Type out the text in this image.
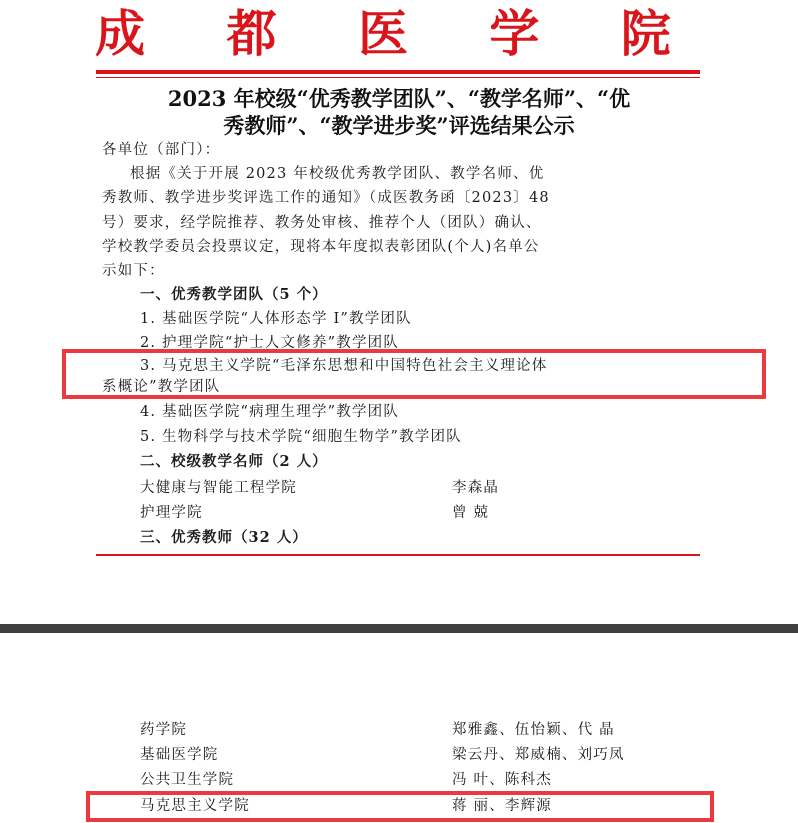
成 都 医 学 院
2023 年校级“优秀教学团队”、“教学名师”、“优
秀教师”、“教学进步奖”评选结果公示
各单位（部门）：
根据《关于开展 2023 年校级优秀教学团队、教学名师、优
秀教师、教学进步奖评选工作的通知》（成医教务函〔2023〕48
号）要求，经学院推荐、教务处审核、推荐个人（团队）确认、
学校教学委员会投票议定，现将本年度拟表彰团队(个人)名单公
示如下：
一、优秀教学团队（5 个）
1. 基础医学院“人体形态学 I”教学团队
2. 护理学院“护士人文修养”教学团队
3. 马克思主义学院“毛泽东思想和中国特色社会主义理论体
系概论”教学团队
4. 基础医学院“病理生理学”教学团队
5. 生物科学与技术学院“细胞生物学”教学团队
二、校级教学名师（2 人）
大健康与智能工程学院	李森晶
护理学院	曾 兢
三、优秀教师（32 人）
药学院	郑雅鑫、伍怡颖、代 晶
基础医学院	梁云丹、郑威楠、刘巧凤
公共卫生学院	冯 叶、陈科杰
马克思主义学院	蒋 丽、李辉源
